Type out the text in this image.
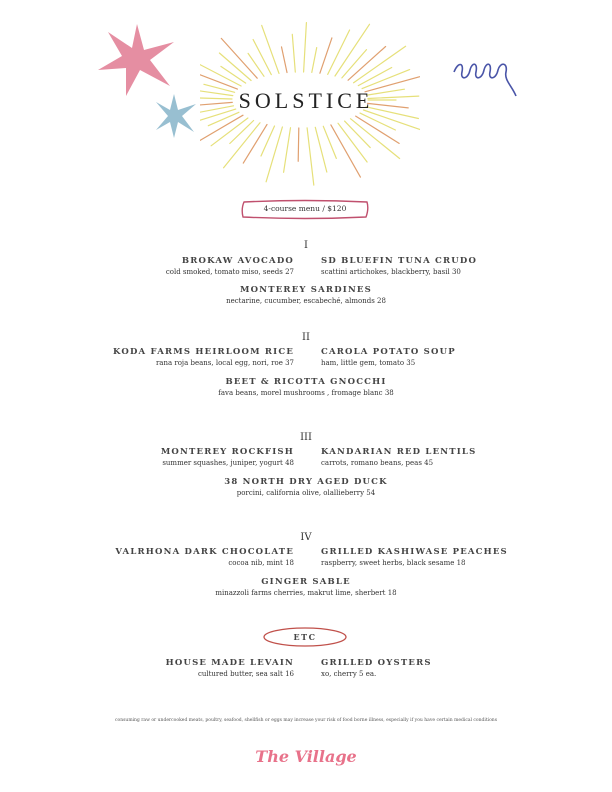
SOLSTICE
4-course menu / $120
I
BROKAW AVOCADO
cold smoked, tomato miso, seeds 27
SD BLUEFIN TUNA CRUDO
scattini artichokes, blackberry, basil 30
MONTEREY SARDINES
nectarine, cucumber, escabeché, almonds 28
II
KODA FARMS HEIRLOOM RICE
rana roja beans, local egg, nori, roe 37
CAROLA POTATO SOUP
ham, little gem, tomato 35
BEET & RICOTTA GNOCCHI
fava beans, morel mushrooms , fromage blanc 38
III
MONTEREY ROCKFISH
summer squashes, juniper, yogurt 48
KANDARIAN RED LENTILS
carrots, romano beans, peas 45
38 NORTH DRY AGED DUCK
porcini, california olive, olallieberry 54
IV
VALRHONA DARK CHOCOLATE
cocoa nib, mint 18
GRILLED KASHIWASE PEACHES
raspberry, sweet herbs, black sesame 18
GINGER SABLE
minazzoli farms cherries, makrut lime, sherbert 18
ETC
HOUSE MADE LEVAIN
cultured butter, sea salt 16
GRILLED OYSTERS
xo, cherry 5 ea.
consuming raw or undercooked meats, poultry, seafood, shellfish or eggs may increase your risk of food borne illness, especially if you have certain medical conditions
The Village
